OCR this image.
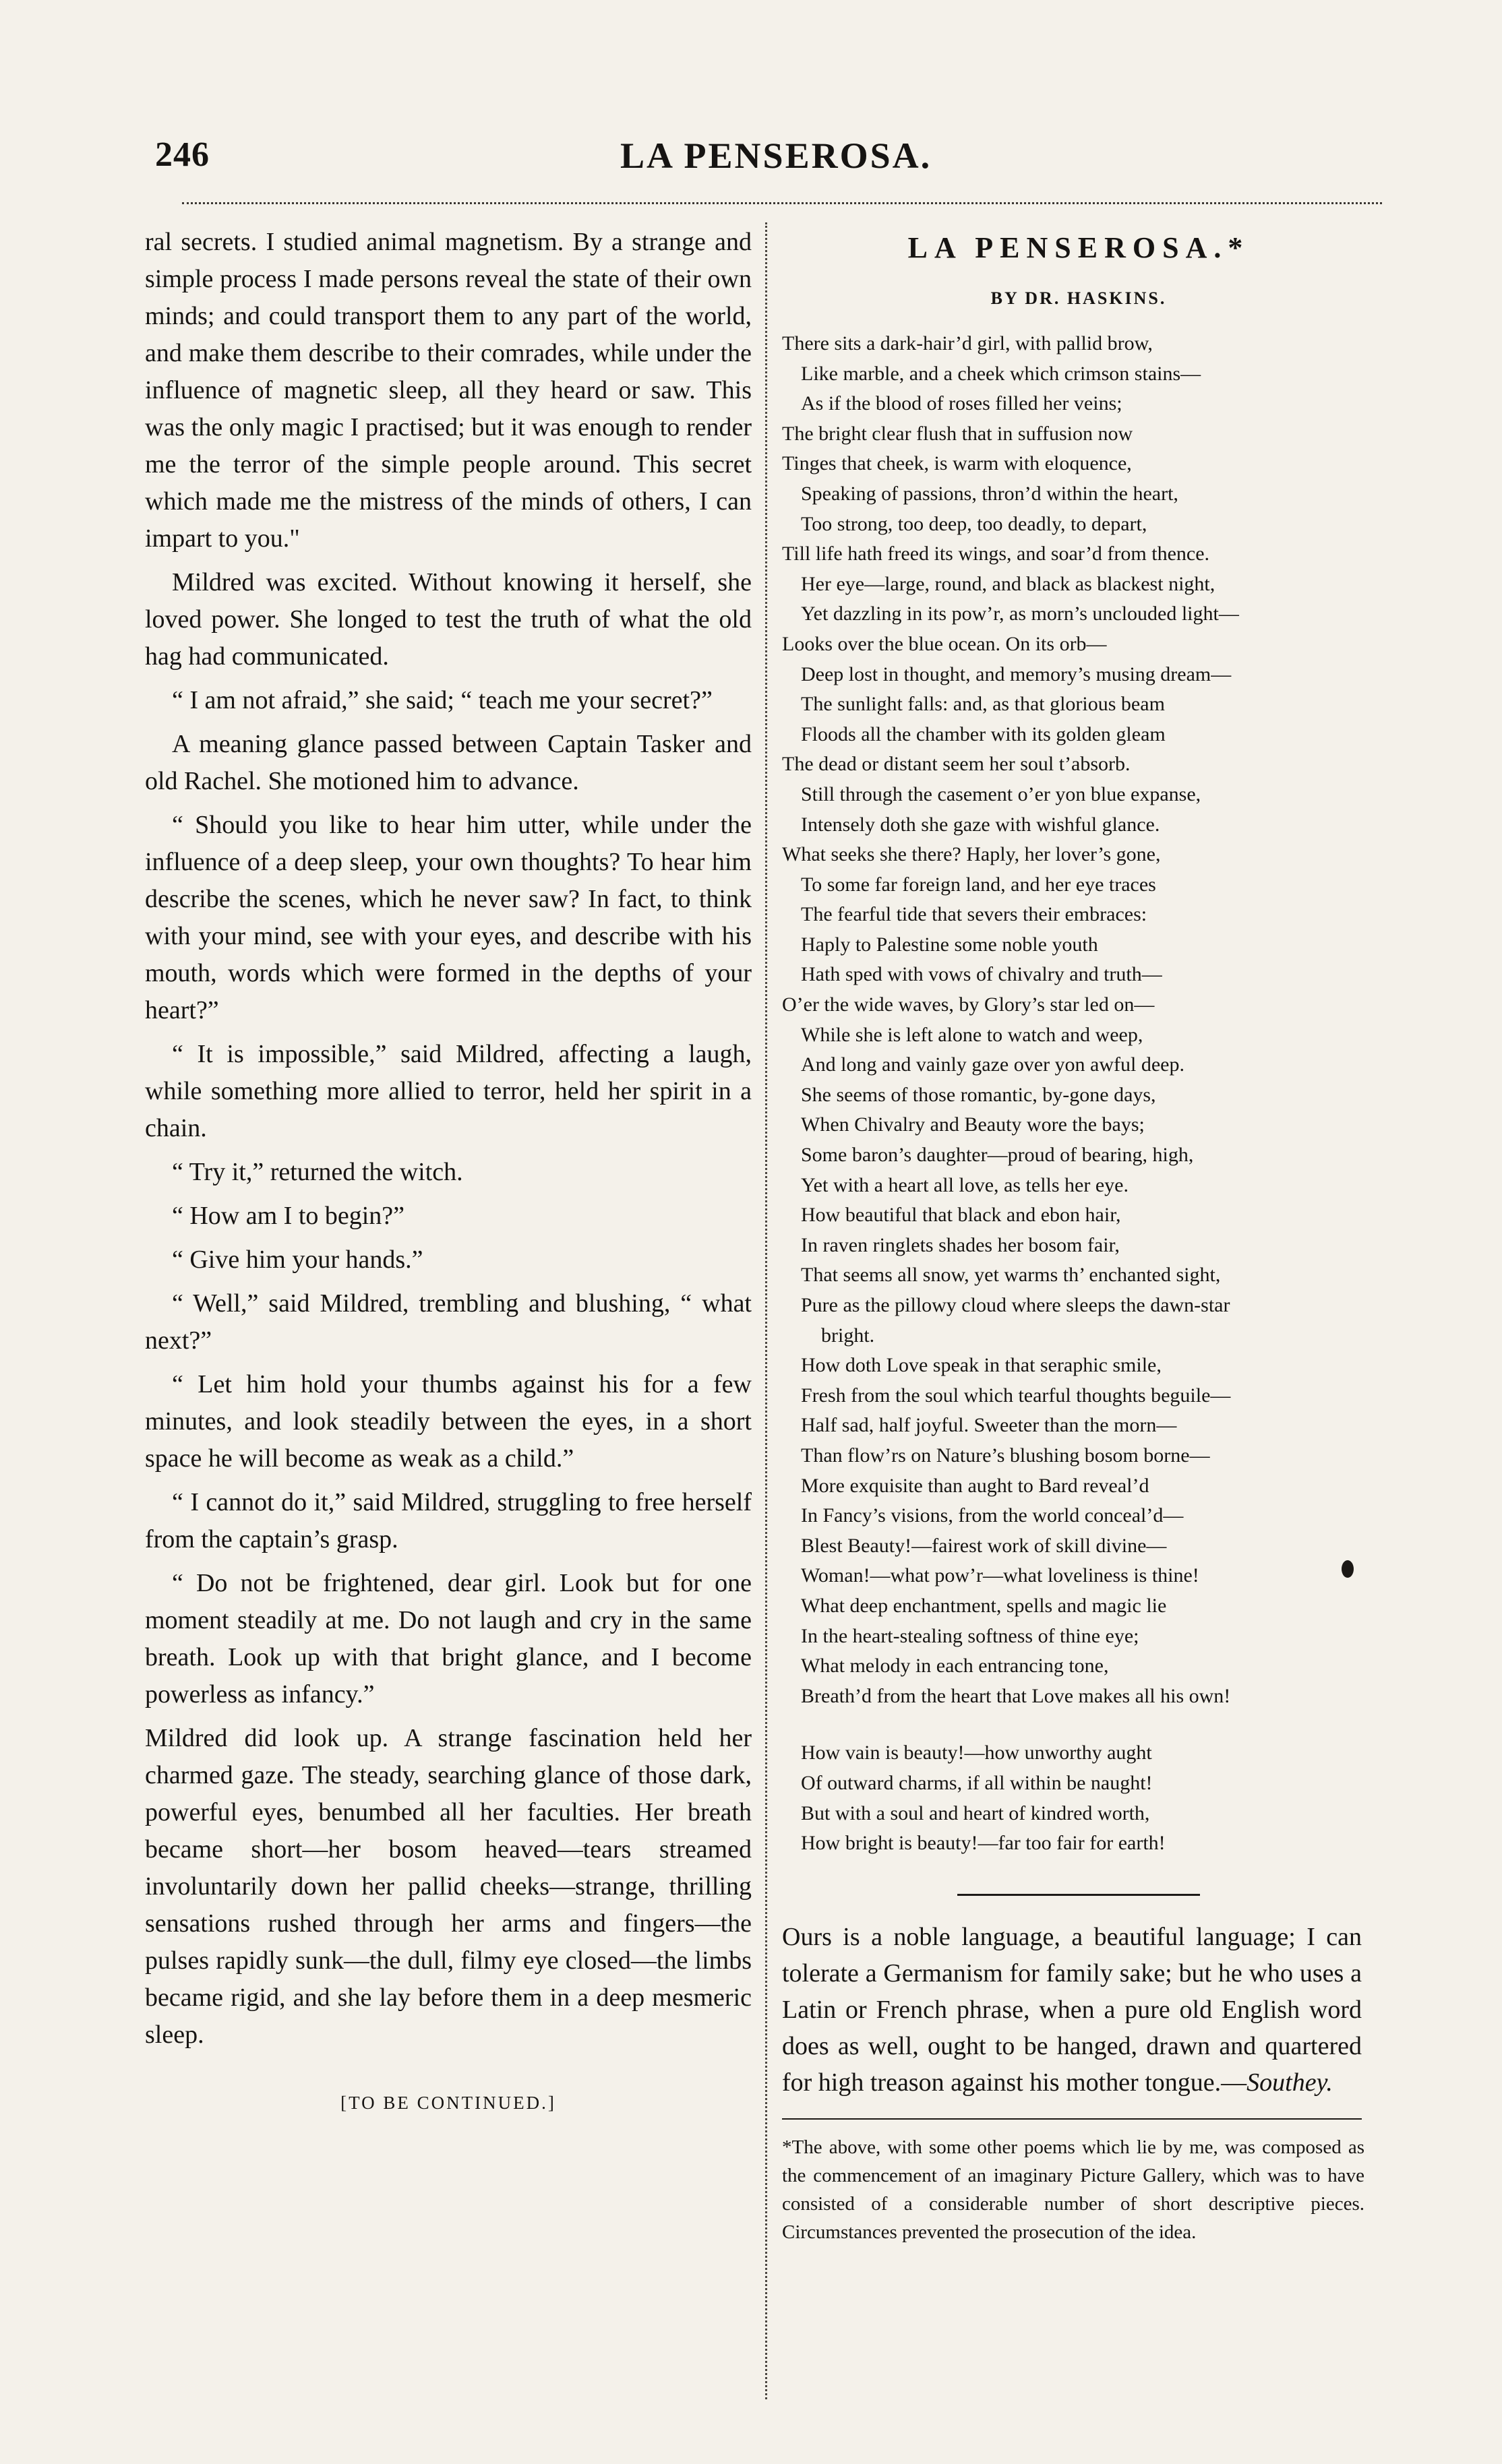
246	LA PENSEROSA.

ral secrets. I studied animal magnetism. By a strange and simple process I made persons reveal the state of their own minds; and could transport them to any part of the world, and make them describe to their comrades, while under the influence of magnetic sleep, all they heard or saw. This was the only magic I practised; but it was enough to render me the terror of the simple people around. This secret which made me the mistress of the minds of others, I can impart to you."

Mildred was excited. Without knowing it herself, she loved power. She longed to test the truth of what the old hag had communicated.

“ I am not afraid,” she said; “ teach me your secret?”

A meaning glance passed between Captain Tasker and old Rachel. She motioned him to advance.

“ Should you like to hear him utter, while under the influence of a deep sleep, your own thoughts? To hear him describe the scenes, which he never saw? In fact, to think with your mind, see with your eyes, and describe with his mouth, words which were formed in the depths of your heart?”

“ It is impossible,” said Mildred, affecting a laugh, while something more allied to terror, held her spirit in a chain.

“ Try it,” returned the witch.

“ How am I to begin?”

“ Give him your hands.”

“ Well,” said Mildred, trembling and blushing, “ what next?”

“ Let him hold your thumbs against his for a few minutes, and look steadily between the eyes, in a short space he will become as weak as a child.”

“ I cannot do it,” said Mildred, struggling to free herself from the captain’s grasp.

“ Do not be frightened, dear girl. Look but for one moment steadily at me. Do not laugh and cry in the same breath. Look up with that bright glance, and I become powerless as infancy.”

Mildred did look up. A strange fascination held her charmed gaze. The steady, searching glance of those dark, powerful eyes, benumbed all her faculties. Her breath became short—her bosom heaved—tears streamed involuntarily down her pallid cheeks—strange, thrilling sensations rushed through her arms and fingers—the pulses rapidly sunk—the dull, filmy eye closed—the limbs became rigid, and she lay before them in a deep mesmeric sleep.

[TO BE CONTINUED.]
LA PENSEROSA.*
BY DR. HASKINS.
There sits a dark-hair’d girl, with pallid brow,
Like marble, and a cheek which crimson stains—
As if the blood of roses filled her veins;
The bright clear flush that in suffusion now
Tinges that cheek, is warm with eloquence,
Speaking of passions, thron’d within the heart,
Too strong, too deep, too deadly, to depart,
Till life hath freed its wings, and soar’d from thence.
Her eye—large, round, and black as blackest night,
Yet dazzling in its pow’r, as morn’s unclouded light—
Looks over the blue ocean. On its orb—
Deep lost in thought, and memory’s musing dream—
The sunlight falls: and, as that glorious beam
Floods all the chamber with its golden gleam
The dead or distant seem her soul t’absorb.
Still through the casement o’er yon blue expanse,
Intensely doth she gaze with wishful glance.
What seeks she there? Haply, her lover’s gone,
To some far foreign land, and her eye traces
The fearful tide that severs their embraces:
Haply to Palestine some noble youth
Hath sped with vows of chivalry and truth—
O’er the wide waves, by Glory’s star led on—
While she is left alone to watch and weep,
And long and vainly gaze over yon awful deep.
She seems of those romantic, by-gone days,
When Chivalry and Beauty wore the bays;
Some baron’s daughter—proud of bearing, high,
Yet with a heart all love, as tells her eye.
How beautiful that black and ebon hair,
In raven ringlets shades her bosom fair,
That seems all snow, yet warms th’ enchanted sight,
Pure as the pillowy cloud where sleeps the dawn-star
bright.
How doth Love speak in that seraphic smile,
Fresh from the soul which tearful thoughts beguile—
Half sad, half joyful. Sweeter than the morn—
Than flow’rs on Nature’s blushing bosom borne—
More exquisite than aught to Bard reveal’d
In Fancy’s visions, from the world conceal’d—
Blest Beauty!—fairest work of skill divine—
Woman!—what pow’r—what loveliness is thine!
What deep enchantment, spells and magic lie
In the heart-stealing softness of thine eye;
What melody in each entrancing tone,
Breath’d from the heart that Love makes all his own!
How vain is beauty!—how unworthy aught
Of outward charms, if all within be naught!
But with a soul and heart of kindred worth,
How bright is beauty!—far too fair for earth!

Ours is a noble language, a beautiful language; I can tolerate a Germanism for family sake; but he who uses a Latin or French phrase, when a pure old English word does as well, ought to be hanged, drawn and quartered for high treason against his mother tongue.—Southey.

*The above, with some other poems which lie by me, was composed as the commencement of an imaginary Picture Gallery, which was to have consisted of a considerable number of short descriptive pieces. Circumstances prevented the prosecution of the idea.
